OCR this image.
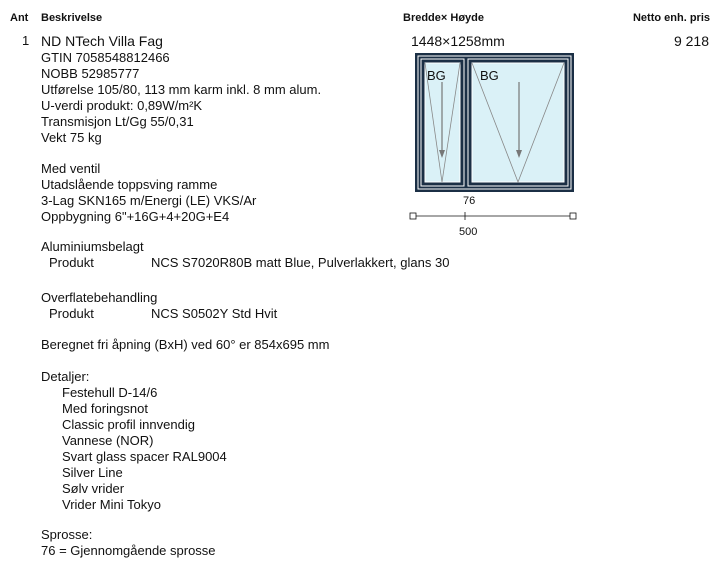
Ant Beskrivelse	Bredde× Høyde	Netto enh. pris
1 ND NTech Villa Fag	1448×1258mm	9 218
GTIN 7058548812466
NOBB 52985777
Utførelse 105/80, 113 mm karm inkl. 8 mm alum.
U-verdi produkt: 0,89W/m²K
Transmisjon Lt/Gg 55/0,31
Vekt 75 kg
Med ventil
Utadslående toppsving ramme
3-Lag SKN165 m/Energi (LE) VKS/Ar
Oppbygning 6"+16G+4+20G+E4
Aluminiumsbelagt
Produkt	NCS S7020R80B matt Blue, Pulverlakkert, glans 30
Overflatebehandling
Produkt	NCS S0502Y Std Hvit
Beregnet fri åpning (BxH) ved 60° er 854x695 mm
Detaljer:
Festehull D-14/6
Med foringsnot
Classic profil innvendig
Vannese (NOR)
Svart glass spacer RAL9004
Silver Line
Sølv vrider
Vrider Mini Tokyo
Sprosse:
76 = Gjennomgående sprosse
BG	BG
76
500
